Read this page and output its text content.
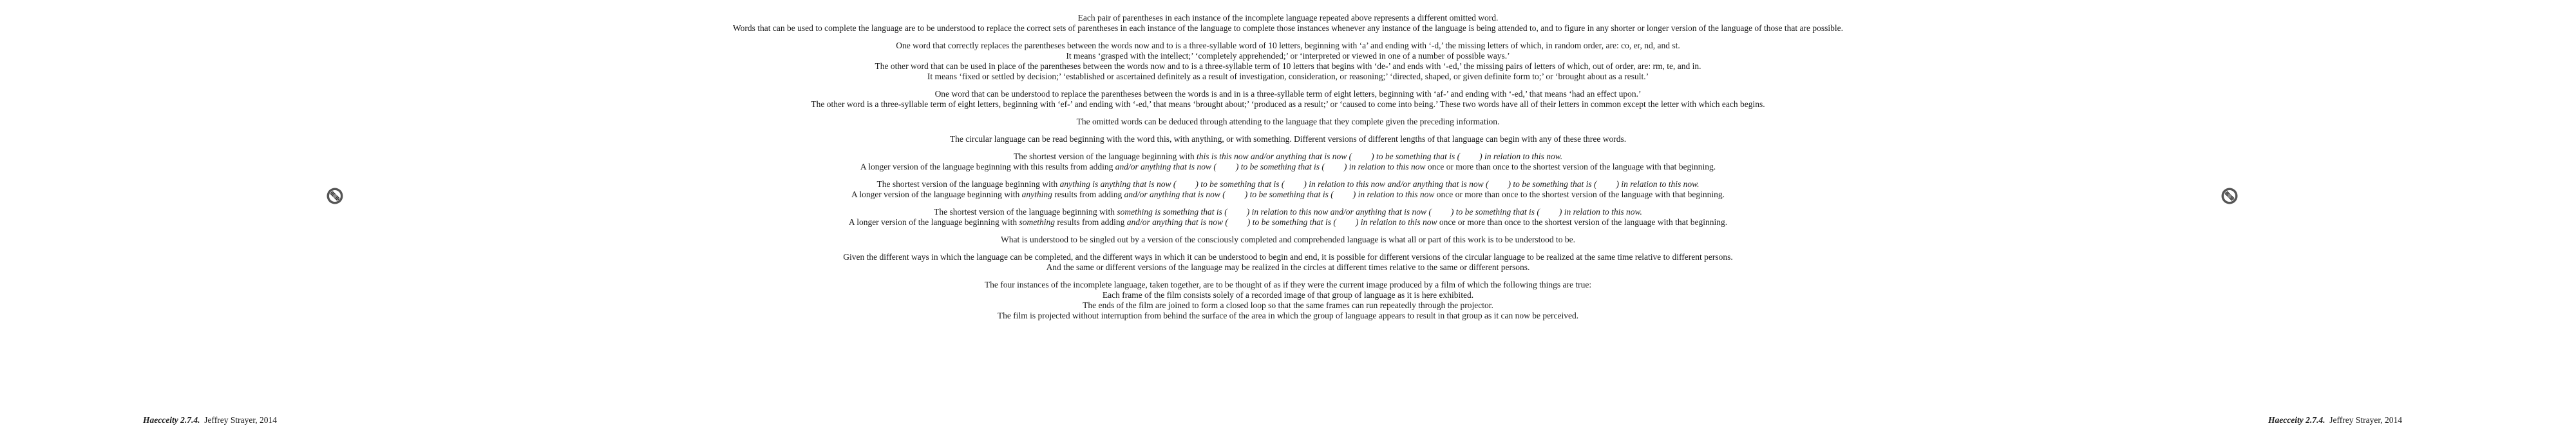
Each pair of parentheses in each instance of the incomplete language repeated above represents a different omitted word.
Words that can be used to complete the language are to be understood to replace the correct sets of parentheses in each instance of the language to complete those instances whenever any instance of the language is being attended to, and to figure in any shorter or longer version of the language of those that are possible.
One word that correctly replaces the parentheses between the words now and to is a three-syllable word of 10 letters, beginning with ‘a’ and ending with ‘-d,’ the missing letters of which, in random order, are: co, er, nd, and st.
It means ‘grasped with the intellect;’ ‘completely apprehended;’ or ‘interpreted or viewed in one of a number of possible ways.’
The other word that can be used in place of the parentheses between the words now and to is a three-syllable term of 10 letters that begins with ‘de-’ and ends with ‘-ed,’ the missing pairs of letters of which, out of order, are: rm, te, and in.
It means ‘fixed or settled by decision;’ ‘established or ascertained definitely as a result of investigation, consideration, or reasoning;’ ‘directed, shaped, or given definite form to;’ or ‘brought about as a result.’
One word that can be understood to replace the parentheses between the words is and in is a three-syllable term of eight letters, beginning with ‘af-’ and ending with ‘-ed,’ that means ‘had an effect upon.’
The other word is a three-syllable term of eight letters, beginning with ‘ef-’ and ending with ‘-ed,’ that means ‘brought about;’ ‘produced as a result;’ or ‘caused to come into being.’ These two words have all of their letters in common except the letter with which each begins.
The omitted words can be deduced through attending to the language that they complete given the preceding information.
The circular language can be read beginning with the word this, with anything, or with something. Different versions of different lengths of that language can begin with any of these three words.
The shortest version of the language beginning with this is this now and/or anything that is now ( ) to be something that is ( ) in relation to this now.
A longer version of the language beginning with this results from adding and/or anything that is now ( ) to be something that is ( ) in relation to this now once or more than once to the shortest version of the language with that beginning.
The shortest version of the language beginning with anything is anything that is now ( ) to be something that is ( ) in relation to this now and/or anything that is now ( ) to be something that is ( ) in relation to this now.
A longer version of the language beginning with anything results from adding and/or anything that is now ( ) to be something that is ( ) in relation to this now once or more than once to the shortest version of the language with that beginning.
The shortest version of the language beginning with something is something that is ( ) in relation to this now and/or anything that is now ( ) to be something that is ( ) in relation to this now.
A longer version of the language beginning with something results from adding and/or anything that is now ( ) to be something that is ( ) in relation to this now once or more than once to the shortest version of the language with that beginning.
What is understood to be singled out by a version of the consciously completed and comprehended language is what all or part of this work is to be understood to be.
Given the different ways in which the language can be completed, and the different ways in which it can be understood to begin and end, it is possible for different versions of the circular language to be realized at the same time relative to different persons.
And the same or different versions of the language may be realized in the circles at different times relative to the same or different persons.
The four instances of the incomplete language, taken together, are to be thought of as if they were the current image produced by a film of which the following things are true:
Each frame of the film consists solely of a recorded image of that group of language as it is here exhibited.
The ends of the film are joined to form a closed loop so that the same frames can run repeatedly through the projector.
The film is projected without interruption from behind the surface of the area in which the group of language appears to result in that group as it can now be perceived.
Haecceity 2.7.4. Jeffrey Strayer, 2014	Haecceity 2.7.4. Jeffrey Strayer, 2014
